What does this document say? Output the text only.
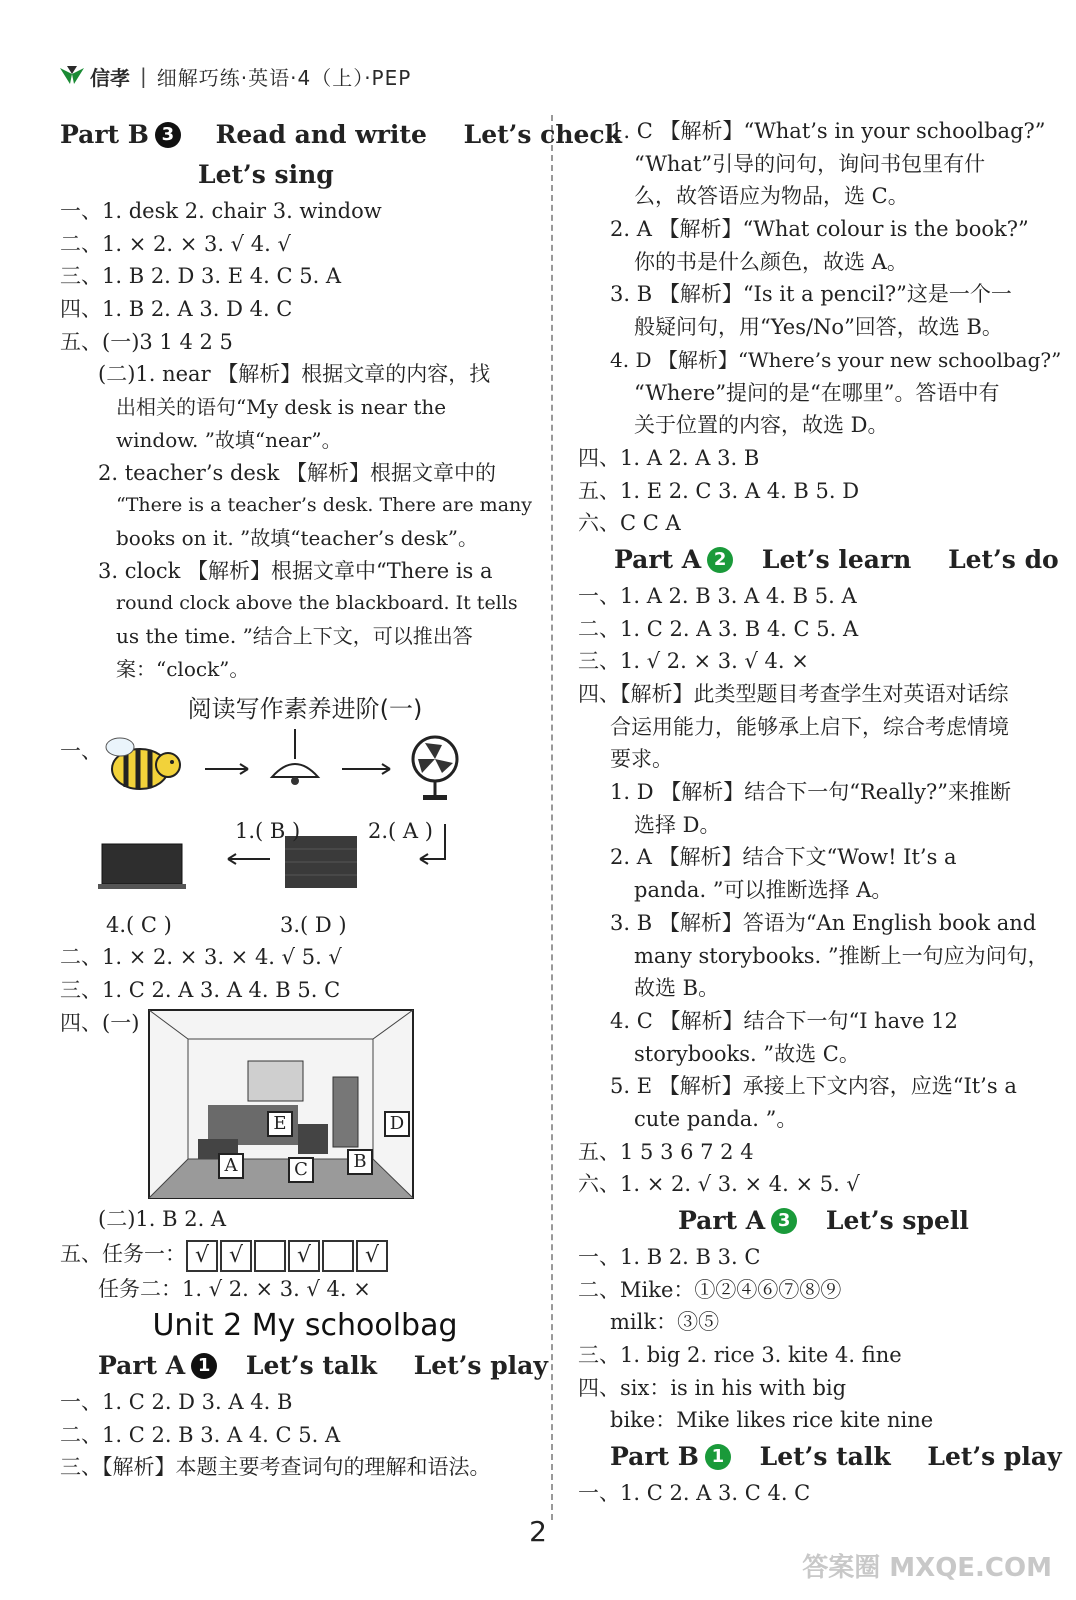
信孝 | 细解巧练·英语·4（上）·PEP
Part B 3 Read and write Let’s check
Let’s sing
一、1. desk 2. chair 3. window
二、1. × 2. × 3. √ 4. √
三、1. B 2. D 3. E 4. C 5. A
四、1. B 2. A 3. D 4. C
五、(一)3 1 4 2 5
(二)1. near 【解析】根据文章的内容，找
出相关的语句“My desk is near the
window. ”故填“near”。
2. teacher’s desk 【解析】根据文章中的
“There is a teacher’s desk. There are many
books on it. ”故填“teacher’s desk”。
3. clock 【解析】根据文章中“There is a
round clock above the blackboard. It tells
us the time. ”结合上下文，可以推出答
案：“clock”。
阅读写作素养进阶(一)
一、
1.( B )	2.( A )
4.( C )	3.( D )
二、1. × 2. × 3. × 4. √ 5. √
三、1. C 2. A 3. A 4. B 5. C
四、(一)
E	D
A	C	B
(二)1. B 2. A
五、任务一： √ √ √ √
任务二：1. √ 2. × 3. √ 4. ×
Unit 2 My schoolbag
Part A 1 Let’s talk Let’s play
一、1. C 2. D 3. A 4. B
二、1. C 2. B 3. A 4. C 5. A
三、【解析】本题主要考查词句的理解和语法。
1. C 【解析】“What’s in your schoolbag?”
“What”引导的问句，询问书包里有什
么，故答语应为物品，选 C。
2. A 【解析】“What colour is the book?”
你的书是什么颜色，故选 A。
3. B 【解析】“Is it a pencil?”这是一个一
般疑问句，用“Yes/No”回答，故选 B。
4. D 【解析】“Where’s your new schoolbag?”
“Where”提问的是“在哪里”。答语中有
关于位置的内容，故选 D。
四、1. A 2. A 3. B
五、1. E 2. C 3. A 4. B 5. D
六、C C A
Part A 2 Let’s learn Let’s do
一、1. A 2. B 3. A 4. B 5. A
二、1. C 2. A 3. B 4. C 5. A
三、1. √ 2. × 3. √ 4. ×
四、【解析】此类型题目考查学生对英语对话综
合运用能力，能够承上启下，综合考虑情境
要求。
1. D 【解析】结合下一句“Really?”来推断
选择 D。
2. A 【解析】结合下文“Wow! It’s a
panda. ”可以推断选择 A。
3. B 【解析】答语为“An English book and
many storybooks. ”推断上一句应为问句，
故选 B。
4. C 【解析】结合下一句“I have 12
storybooks. ”故选 C。
5. E 【解析】承接上下文内容，应选“It’s a
cute panda. ”。
五、1 5 3 6 7 2 4
六、1. × 2. √ 3. × 4. × 5. √
Part A 3 Let’s spell
一、1. B 2. B 3. C
二、Mike：①②④⑥⑦⑧⑨
milk：③⑤
三、1. big 2. rice 3. kite 4. fine
四、six：is in his with big
bike：Mike likes rice kite nine
Part B 1 Let’s talk Let’s play
一、1. C 2. A 3. C 4. C
2
答案圈 MXQE.COM
